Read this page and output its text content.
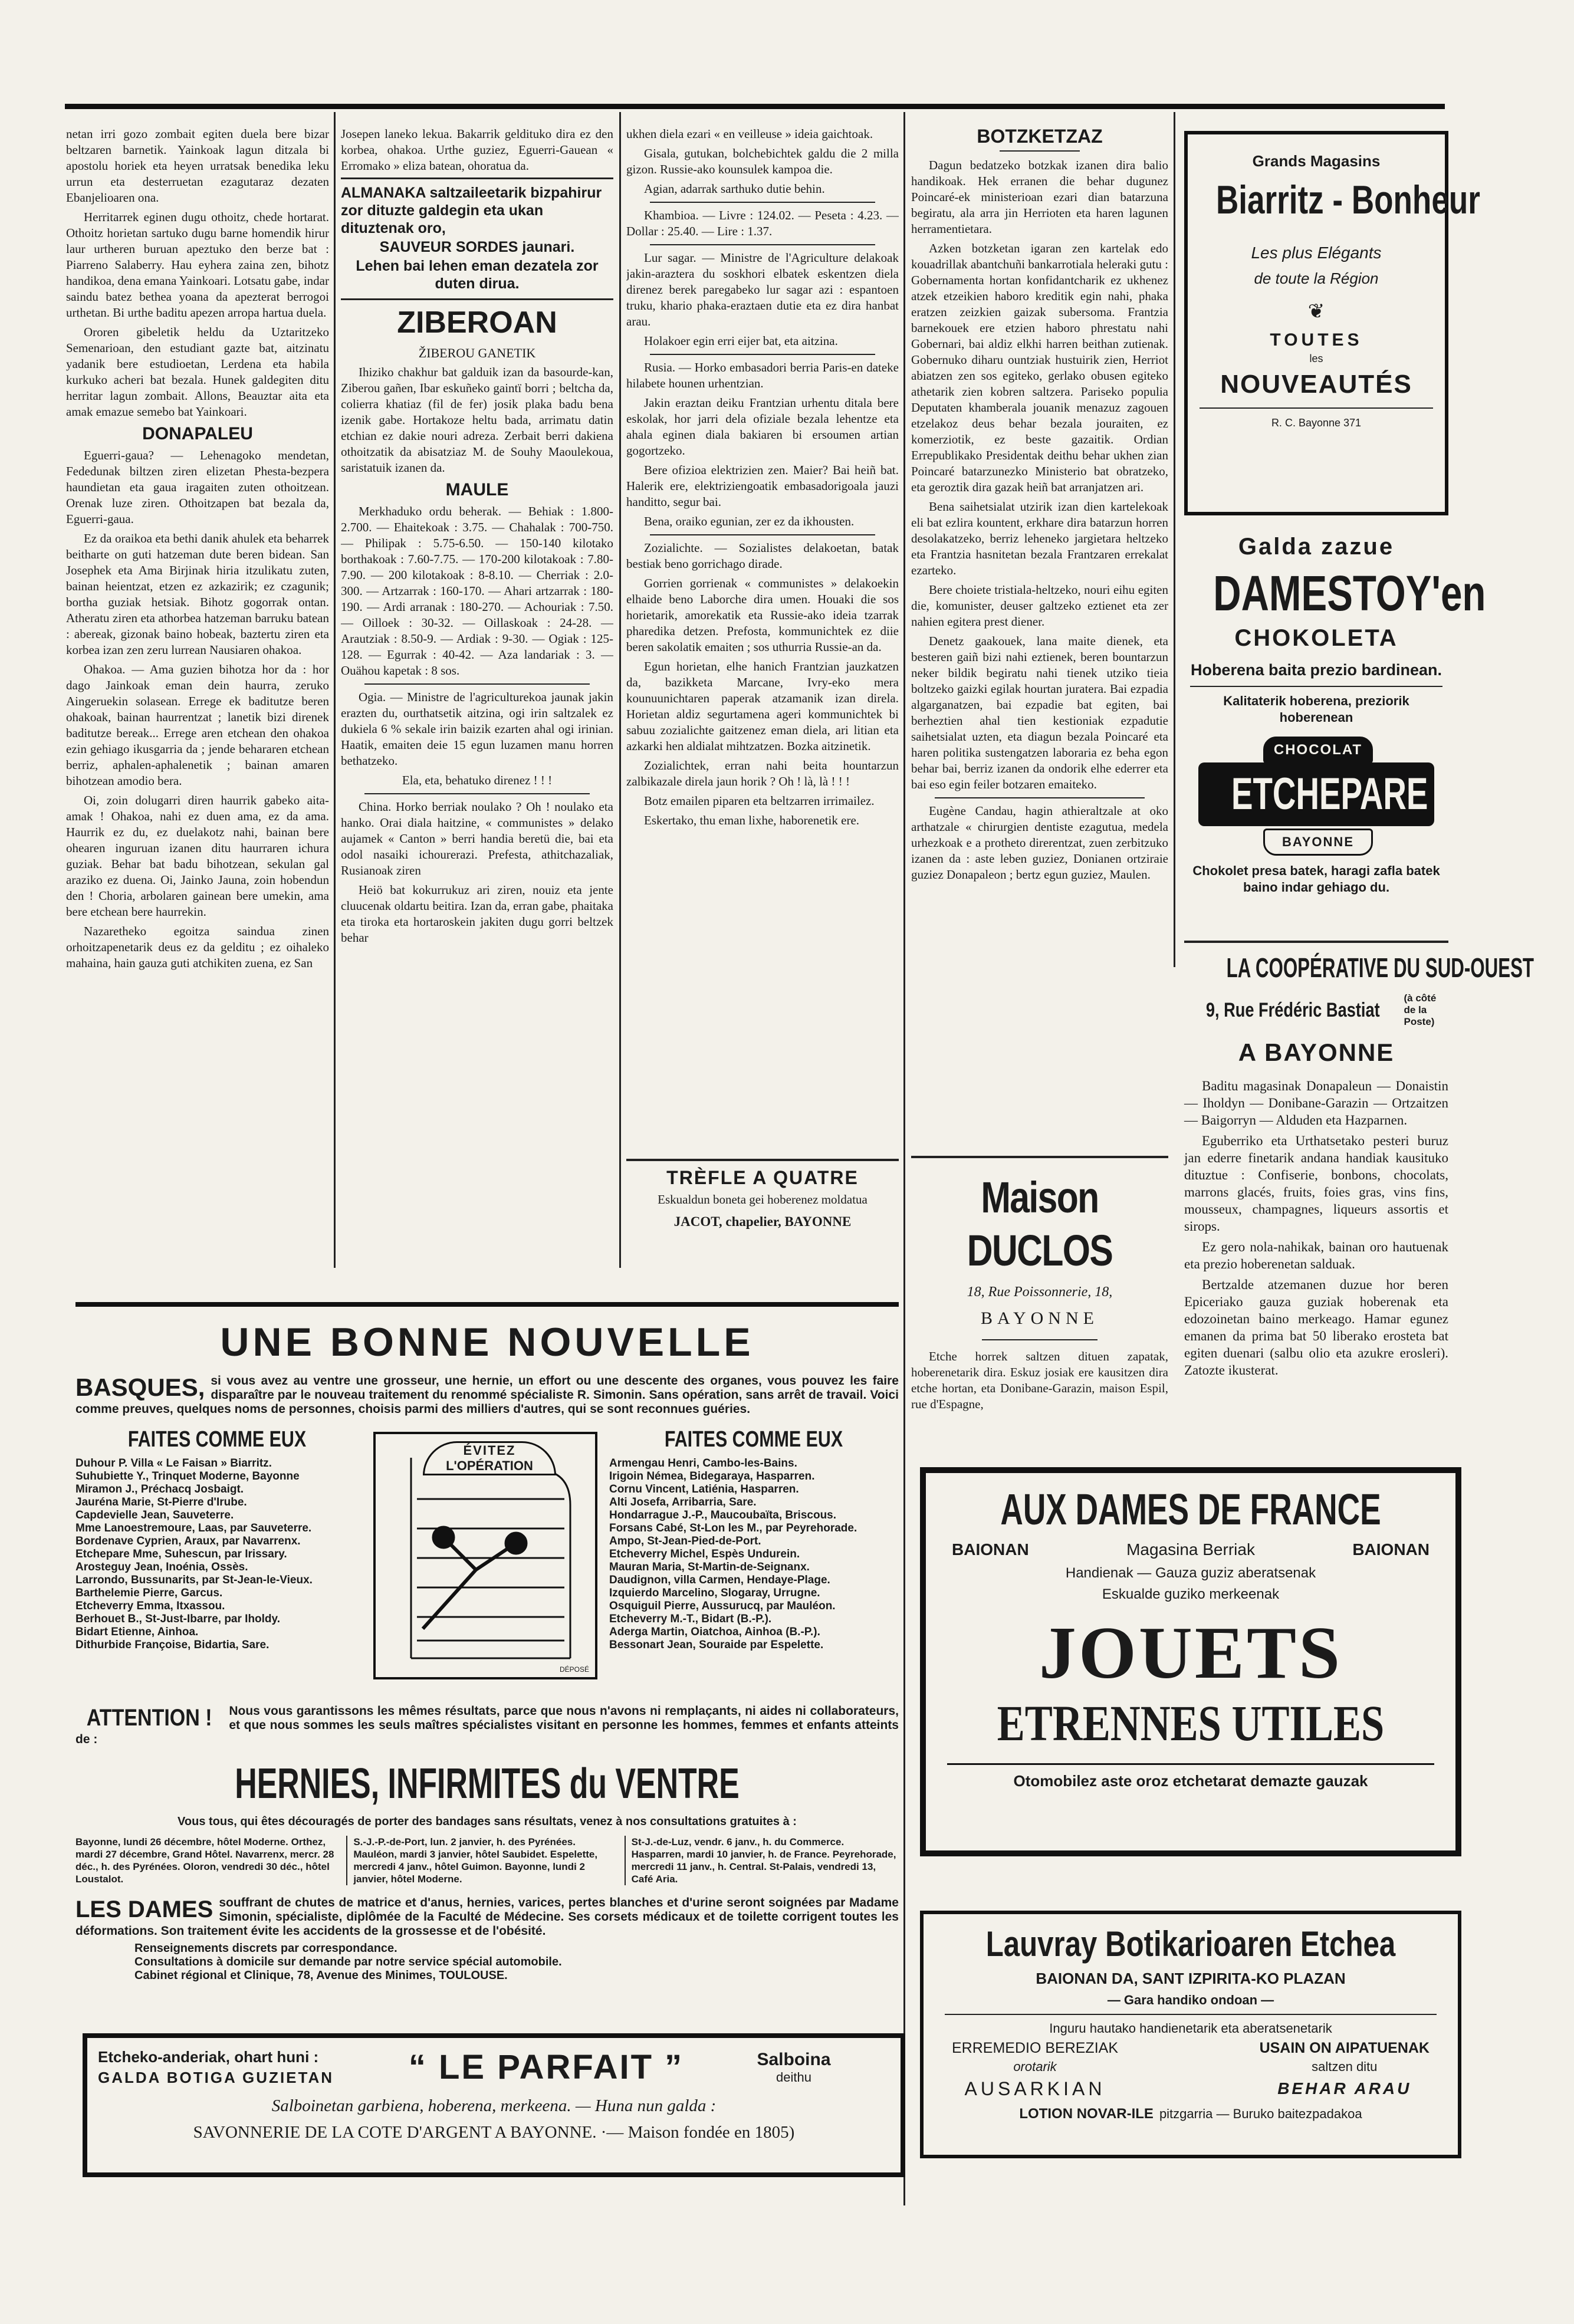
netan irri gozo zombait egiten duela bere bizar beltzaren barnetik. Yainkoak lagun ditzala bi apostolu horiek eta heyen urratsak benedika leku urrun eta desterruetan ezagutaraz dezaten Ebanjelioaren ona.

Herritarrek eginen dugu othoitz, chede hortarat. Othoitz horietan sartuko dugu barne homendik hirur laur urtheren buruan apeztuko den berze bat : Piarreno Salaberry. Hau eyhera zaina zen, bihotz handikoa, dena emana Yainkoari. Lotsatu gabe, indar saindu batez bethea yoana da apezterat berrogoi urthetan. Bi urthe baditu apezen arropa hartua duela.

Ororen gibeletik heldu da Uztaritzeko Semenarioan, den estudiant gazte bat, aitzinatu yadanik bere estudioetan, Lerdena eta habila kurkuko acheri bat bezala. Hunek galdegiten ditu herritar lagun zombait. Allons, Beauztar aita eta amak emazue semebo bat Yainkoari.

DONAPALEU

Eguerri-gaua? — Lehenagoko mendetan, Fededunak biltzen ziren elizetan Phesta-bezpera haundietan eta gaua iragaiten zuten othoitzean. Orenak luze ziren. Othoitzapen bat bezala da, Eguerri-gaua.

Ez da oraikoa eta bethi danik ahulek eta beharrek beitharte on guti hatzeman dute beren bidean. San Josephek eta Ama Birjinak hiria itzulikatu zuten, bainan heientzat, etzen ez azkazirik; ez czagunik; bortha guziak hetsiak. Bihotz gogorrak ontan. Atheratu ziren eta athorbea hatzeman barruku batean : abereak, gizonak baino hobeak, baztertu ziren eta korbea izan zen zeru lurrean Nausiaren ohakoa.

Ohakoa. — Ama guzien bihotza hor da : hor dago Jainkoak eman dein haurra, zeruko Aingeruekin solasean. Errege ek baditutze beren ohakoak, bainan haurrentzat ; lanetik bizi direnek baditutze bereak... Errege aren etchean den ohakoa ezin gehiago ikusgarria da ; jende behararen etchean berriz, aphalen-aphalenetik ; bainan amaren bihotzean amodio bera.

Oi, zoin dolugarri diren haurrik gabeko aita-amak ! Ohakoa, nahi ez duen ama, ez da ama. Haurrik ez du, ez duelakotz nahi, bainan bere ohearen inguruan izanen ditu haurraren ichura guziak. Behar bat badu bihotzean, sekulan gal araziko ez duena. Oi, Jainko Jauna, zoin hobendun den ! Choria, arbolaren gainean bere umekin, ama bere etchean bere haurrekin.

Nazaretheko egoitza saindua zinen orhoitzapenetarik deus ez da gelditu ; ez oihaleko mahaina, hain gauza guti atchikiten zuena, ez San

Josepen laneko lekua. Bakarrik geldituko dira ez den korbea, ohakoa. Urthe guziez, Eguerri-Gauean « Erromako » eliza batean, ohoratua da.

ALMANAKA saltzaileetarik bizpahirur zor dituzte galdegin eta ukan dituztenak oro,
SAUVEUR SORDES jaunari.
Lehen bai lehen eman dezatela zor duten dirua.
ZIBEROAN
ŽIBEROU GANETIK

Ihiziko chakhur bat galduik izan da basourde-kan, Ziberou gañen, Ibar eskuñeko gaintï borri ; beltcha da, colierra khatiaz (fil de fer) josik plaka badu bena izenik gabe. Hortakoze heltu bada, arrimatu datin etchian ez dakie nouri adreza. Zerbait berri dakiena othoitzatik da abisatziaz M. de Souhy Maoulekoua, saristatuik izanen da.

MAULE

Merkhaduko ordu beherak. — Behiak : 1.800-2.700. — Ehaitekoak : 3.75. — Chahalak : 700-750. — Philipak : 5.75-6.50. — 150-140 kilotako borthakoak : 7.60-7.75. — 170-200 kilotakoak : 7.80-7.90. — 200 kilotakoak : 8-8.10. — Cherriak : 2.0-300. — Artzarrak : 160-170. — Ahari artzarrak : 180-190. — Ardi arranak : 180-270. — Achouriak : 7.50. — Oilloek : 30-32. — Oillaskoak : 24-28. — Arautziak : 8.50-9. — Ardiak : 9-30. — Ogiak : 125-128. — Egurrak : 40-42. — Aza landariak : 3. — Ouähou kapetak : 8 sos.

Ogia. — Ministre de l'agriculturekoa jaunak jakin erazten du, ourthatsetik aitzina, ogi irin saltzalek ez dukiela 6 % sekale irin baizik ezarten ahal ogi irinian. Haatik, emaiten deie 15 egun luzamen manu horren bethatzeko.

Ela, eta, behatuko direnez ! ! !

China. Horko berriak noulako ? Oh ! noulako eta hanko. Orai diala haitzine, « communistes » delako aujamek « Canton » berri handia beretü die, bai eta odol nasaiki ichourerazi. Prefesta, athitchazaliak, Rusianoak ziren

Heiö bat kokurrukuz ari ziren, nouiz eta jente cluucenak oldartu beitira. Izan da, erran gabe, phaitaka eta tiroka eta hortaroskein jakiten dugu gorri beltzek behar

ukhen diela ezari « en veilleuse » ideia gaichtoak.

Gisala, gutukan, bolchebichtek galdu die 2 milla gizon. Russie-ako kounsulek kampoa die.

Agian, adarrak sarthuko dutie behin.

Khambioa. — Livre : 124.02. — Peseta : 4.23. — Dollar : 25.40. — Lire : 1.37.

Lur sagar. — Ministre de l'Agriculture delakoak jakin-araztera du soskhori elbatek eskentzen diela direnez berek paregabeko lur sagar azi : espantoen truku, khario phaka-eraztaen dutie eta ez dira hanbat arau.

Holakoer egin erri eijer bat, eta aitzina.

Rusia. — Horko embasadori berria Paris-en dateke hilabete hounen urhentzian.

Jakin eraztan deiku Frantzian urhentu ditala bere eskolak, hor jarri dela ofiziale bezala lehentze eta ahala eginen diala bakiaren bi ersoumen artian gogortzeko.

Bere ofizioa elektrizien zen. Maier? Bai heiñ bat. Halerik ere, elektriziengoatik embasadorigoala jauzi handitto, segur bai.

Bena, oraiko egunian, zer ez da ikhousten.

Zozialichte. — Sozialistes delakoetan, batak bestiak beno gorrichago dirade.

Gorrien gorrienak « communistes » delakoekin elhaide beno Laborche dira umen. Houaki die sos horietarik, amorekatik eta Russie-ako ideia tzarrak pharedika detzen. Prefosta, kommunichtek ez diie beren sakolatik emaiten ; sos uthurria Russie-an da.

Egun horietan, elhe hanich Frantzian jauzkatzen da, bazikketa Marcane, Ivry-eko mera kounuunichtaren paperak atzamanik izan direla. Horietan aldiz segurtamena ageri kommunichtek bi sabuu zozialichte gaitzenez eman diela, ari litian eta azkarki hen aldialat mihtzatzen. Bozka aitzinetik.

Zozialichtek, erran nahi beita hountarzun zalbikazale direla jaun horik ? Oh ! là, là ! ! !

Botz emailen piparen eta beltzarren irrimailez.

Eskertako, thu eman lixhe, haborenetik ere.

TRÈFLE A QUATRE
Eskualdun boneta gei hoberenez moldatua
JACOT, chapelier, BAYONNE
BOTZKETZAZ

Dagun bedatzeko botzkak izanen dira balio handikoak. Hek erranen die behar dugunez Poincaré-ek ministerioan ezari dian batarzuna begiratu, ala arra jin Herrioten eta haren lagunen herramentietara.

Azken botzketan igaran zen kartelak edo kouadrillak abantchuñi bankarrotiala heleraki gutu : Gobernamenta hortan konfidantcharik ez ukhenez atzek etzeikien haboro kreditik egin nahi, phaka eratzen zeizkien gaizak subersoma. Frantzia barnekouek ere etzien haboro phrestatu nahi Gobernari, bai aldiz elkhi harren beithan zutienak. Gobernuko diharu ountziak hustuirik zien, Herriot abiatzen zen sos egiteko, gerlako obusen egiteko athetarik zien kobren saltzera. Pariseko populia Deputaten khamberala jouanik menazuz zagouen etzelakoz deus behar bezala jouraiten, ez komerziotik, ez beste gazaitik. Ordian Errepublikako Presidentak deithu behar ukhen zian Poincaré batarzunezko Ministerio bat obratzeko, eta geroztik dira gazak heiñ bat arranjatzen ari.

Bena saihetsialat utzirik izan dien kartelekoak eli bat ezlira kountent, erkhare dira batarzun horren desolakatzeko, berriz leheneko jargietara heltzeko eta Frantzia hasnitetan bezala Frantzaren errekalat ezarteko.

Bere choiete tristiala-heltzeko, nouri eihu egiten die, komunister, deuser galtzeko eztienet eta zer nahien egitera prest diener.

Denetz gaakouek, lana maite dienek, eta besteren gaiñ bizi nahi eztienek, beren bountarzun neker bildik begiratu nahi tienek utziko tieia boltzeko gaizki egilak hourtan juratera. Bai ezpadia algarganatzen, bai ezpadie bat egiten, bai berheztien ahal tien kestioniak ezpadutie saihetsialat uzten, eta diagun bezala Poincaré eta haren politika sustengatzen laboraria ez beha egon behar bai, berriz izanen da ondorik elhe ederrer eta bai eso egin feiler botzaren emaiteko.

Eugène Candau, hagin athieraltzale at oko arthatzale « chirurgien dentiste ezagutua, medela urhezkoak e a protheto direrentzat, zuen zerbitzuko izanen da : aste leben guziez, Donianen ortziraie guziez Donapaleon ; bertz egun guziez, Maulen.

Maison DUCLOS
18, Rue Poissonnerie, 18,
BAYONNE
Etche horrek saltzen dituen zapatak, hoberenetarik dira. Eskuz josiak ere kausitzen dira etche hortan, eta Donibane-Garazin, maison Espil, rue d'Espagne,
Grands Magasins
Biarritz - Bonheur
Les plus Elégants
de toute la Région
❦
TOUTES
les
NOUVEAUTÉS
R. C. Bayonne 371
Galda zazue
DAMESTOY'en
CHOKOLETA
Hoberena baita prezio bardinean.
Kalitaterik hoberena, preziorik hoberenean
CHOCOLAT
ETCHEPARE
BAYONNE
Chokolet presa batek, haragi zafla batek baino indar gehiago du.
LA COOPÉRATIVE DU SUD-OUEST
9, Rue Frédéric Bastiat
(à côté de la Poste)
A BAYONNE
Baditu magasinak Donapaleun — Donaistin — Iholdyn — Donibane-Garazin — Ortzaitzen — Baigorryn — Alduden eta Hazparnen.
Eguberriko eta Urthatsetako pesteri buruz jan ederre finetarik andana handiak kausituko dituztue : Confiserie, bonbons, chocolats, marrons glacés, fruits, foies gras, vins fins, mousseux, champagnes, liqueurs assortis et sirops.
Ez gero nola-nahikak, bainan oro hautuenak eta prezio hoberenetan salduak.
Bertzalde atzemanen duzue hor beren Epiceriako gauza guziak hoberenak eta edozoinetan baino merkeago. Hamar egunez emanen da prima bat 50 liberako erosteta bat egiten duenari (salbu olio eta azukre erosleri). Zatozte ikusterat.
UNE BONNE NOUVELLE
BASQUES, si vous avez au ventre une grosseur, une hernie, un effort ou une descente des organes, vous pouvez les faire disparaître par le nouveau traitement du renommé spécialiste R. Simonin. Sans opération, sans arrêt de travail. Voici comme preuves, quelques noms de personnes, choisis parmi des milliers d'autres, qui se sont reconnues guéries.
FAITES COMME EUX
Duhour P. Villa « Le Faisan » Biarritz.
Suhubiette Y., Trinquet Moderne, Bayonne
Miramon J., Préchacq Josbaigt.
Jauréna Marie, St-Pierre d'Irube.
Capdevielle Jean, Sauveterre.
Mme Lanoestremoure, Laas, par Sauveterre.
Bordenave Cyprien, Araux, par Navarrenx.
Etchepare Mme, Suhescun, par Irissary.
Arosteguy Jean, Inoénia, Ossès.
Larrondo, Bussunarits, par St-Jean-le-Vieux.
Barthelemie Pierre, Garcus.
Etcheverry Emma, Itxassou.
Berhouet B., St-Just-Ibarre, par Iholdy.
Bidart Etienne, Ainhoa.
Dithurbide Françoise, Bidartia, Sare.
ÉVITEZ
L'OPÉRATION
DÉPOSÉ
FAITES COMME EUX
Armengau Henri, Cambo-les-Bains.
Irigoin Némea, Bidegaraya, Hasparren.
Cornu Vincent, Latiénia, Hasparren.
Alti Josefa, Arribarria, Sare.
Hondarrague J.-P., Maucoubaïta, Briscous.
Forsans Cabé, St-Lon les M., par Peyrehorade.
Ampo, St-Jean-Pied-de-Port.
Etcheverry Michel, Espès Undurein.
Mauran Maria, St-Martin-de-Seignanx.
Daudignon, villa Carmen, Hendaye-Plage.
Izquierdo Marcelino, Slogaray, Urrugne.
Osquiguil Pierre, Aussurucq, par Mauléon.
Etcheverry M.-T., Bidart (B.-P.).
Aderga Martin, Oiatchoa, Ainhoa (B.-P.).
Bessonart Jean, Souraide par Espelette.
ATTENTION ! Nous vous garantissons les mêmes résultats, parce que nous n'avons ni remplaçants, ni aides ni collaborateurs, et que nous sommes les seuls maîtres spécialistes visitant en personne les hommes, femmes et enfants atteints de :
HERNIES, INFIRMITES du VENTRE
Vous tous, qui êtes découragés de porter des bandages sans résultats, venez à nos consultations gratuites à :
Bayonne, lundi 26 décembre, hôtel Moderne. Orthez, mardi 27 décembre, Grand Hôtel. Navarrenx, mercr. 28 déc., h. des Pyrénées. Oloron, vendredi 30 déc., hôtel Loustalot.
S.-J.-P.-de-Port, lun. 2 janvier, h. des Pyrénées. Mauléon, mardi 3 janvier, hôtel Saubidet. Espelette, mercredi 4 janv., hôtel Guimon. Bayonne, lundi 2 janvier, hôtel Moderne.
St-J.-de-Luz, vendr. 6 janv., h. du Commerce. Hasparren, mardi 10 janvier, h. de France. Peyrehorade, mercredi 11 janv., h. Central. St-Palais, vendredi 13, Café Aria.
LES DAMES souffrant de chutes de matrice et d'anus, hernies, varices, pertes blanches et d'urine seront soignées par Madame Simonin, spécialiste, diplômée de la Faculté de Médecine. Ses corsets médicaux et de toilette corrigent toutes les déformations. Son traitement évite les accidents de la grossesse et de l'obésité.
Renseignements discrets par correspondance.
Consultations à domicile sur demande par notre service spécial automobile.
Cabinet régional et Clinique, 78, Avenue des Minimes, TOULOUSE.
Etcheko-anderiak, ohart huni :
GALDA BOTIGA GUZIETAN	“ LE PARFAIT ”	Salboina
deithu
Salboinetan garbiena, hoberena, merkeena. — Huna nun galda :
SAVONNERIE DE LA COTE D'ARGENT A BAYONNE. ·— Maison fondée en 1805)
AUX DAMES DE FRANCE
BAIONAN	Magasina Berriak	BAIONAN
Handienak — Gauza guziz aberatsenak
Eskualde guziko merkeenak
JOUETS
ETRENNES UTILES
Otomobilez aste oroz etchetarat demazte gauzak
Lauvray Botikarioaren Etchea
BAIONAN DA, SANT IZPIRITA-KO PLAZAN
— Gara handiko ondoan —
Inguru hautako handienetarik eta aberatsenetarik
ERREMEDIO BEREZIAK
orotarik
AUSARKIAN
USAIN ON AIPATUENAK
saltzen ditu
BEHAR ARAU
LOTION NOVAR-ILE pitzgarria — Buruko baitezpadakoa
